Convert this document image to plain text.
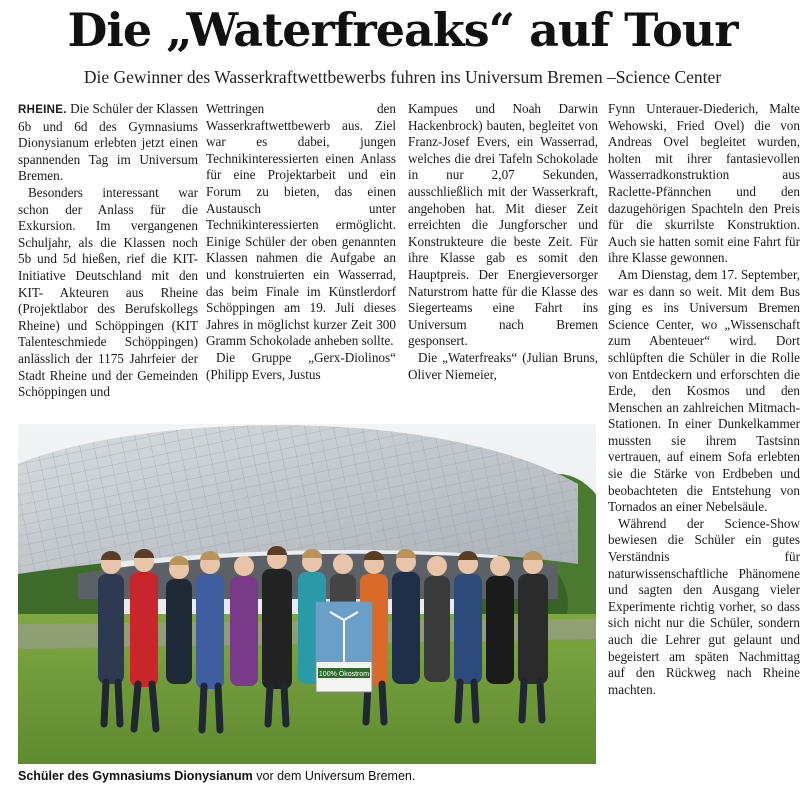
Die „Waterfreaks“ auf Tour
Die Gewinner des Wasserkraftwettbewerbs fuhren ins Universum Bremen –Science Center

RHEINE. Die Schüler der Klassen 6b und 6d des Gymnasiums Dionysianum erlebten jetzt einen spannenden Tag im Universum Bremen.

Besonders interessant war schon der Anlass für die Exkursion. Im vergangenen Schuljahr, als die Klassen noch 5b und 5d hießen, rief die KIT-Initiative Deutschland mit den KIT- Akteuren aus Rheine (Projektlabor des Berufskollegs Rheine) und Schöppingen (KIT Talenteschmiede Schöppingen) anlässlich der 1175 Jahrfeier der Stadt Rheine und der Gemeinden Schöppingen und

Wettringen den Wasserkraftwettbewerb aus. Ziel war es dabei, jungen Technikinteressierten einen Anlass für eine Projektarbeit und ein Forum zu bieten, das einen Austausch unter Technikinteressierten ermöglicht. Einige Schüler der oben genannten Klassen nahmen die Aufgabe an und konstruierten ein Wasserrad, das beim Finale im Künstlerdorf Schöppingen am 19. Juli dieses Jahres in möglichst kurzer Zeit 300 Gramm Schokolade anheben sollte.

Die Gruppe „Gerx-Diolinos“ (Philipp Evers, Justus

Kampues und Noah Darwin Hackenbrock) bauten, begleitet von Franz-Josef Evers, ein Wasserrad, welches die drei Tafeln Schokolade in nur 2,07 Sekunden, ausschließlich mit der Wasserkraft, angehoben hat. Mit dieser Zeit erreichten die Jungforscher und Konstrukteure die beste Zeit. Für ihre Klasse gab es somit den Hauptpreis. Der Energieversorger Naturstrom hatte für die Klasse des Siegerteams eine Fahrt ins Universum nach Bremen gesponsert.

Die „Waterfreaks“ (Julian Bruns, Oliver Niemeier,

Fynn Unterauer-Diederich, Malte Wehowski, Fried Ovel) die von Andreas Ovel begleitet wurden, holten mit ihrer fantasievollen Wasserradkonstruktion aus Raclette-Pfännchen und den dazugehörigen Spachteln den Preis für die skurrilste Konstruktion. Auch sie hatten somit eine Fahrt für ihre Klasse gewonnen.

Am Dienstag, dem 17. September, war es dann so weit. Mit dem Bus ging es ins Universum Bremen Science Center, wo „Wissenschaft zum Abenteuer“ wird. Dort schlüpften die Schüler in die Rolle von Entdeckern und erforschten die Erde, den Kosmos und den Menschen an zahlreichen Mitmach-Stationen. In einer Dunkelkammer mussten sie ihrem Tastsinn vertrauen, auf einem Sofa erlebten sie die Stärke von Erdbeben und beobachteten die Entstehung von Tornados an einer Nebelsäule.

Während der Science-Show bewiesen die Schüler ein gutes Verständnis für naturwissenschaftliche Phänomene und sagten den Ausgang vieler Experimente richtig vorher, so dass sich nicht nur die Schüler, sondern auch die Lehrer gut gelaunt und begeistert am späten Nachmittag auf den Rückweg nach Rheine machten.

100% Ökostrom
Schüler des Gymnasiums Dionysianum vor dem Universum Bremen.
